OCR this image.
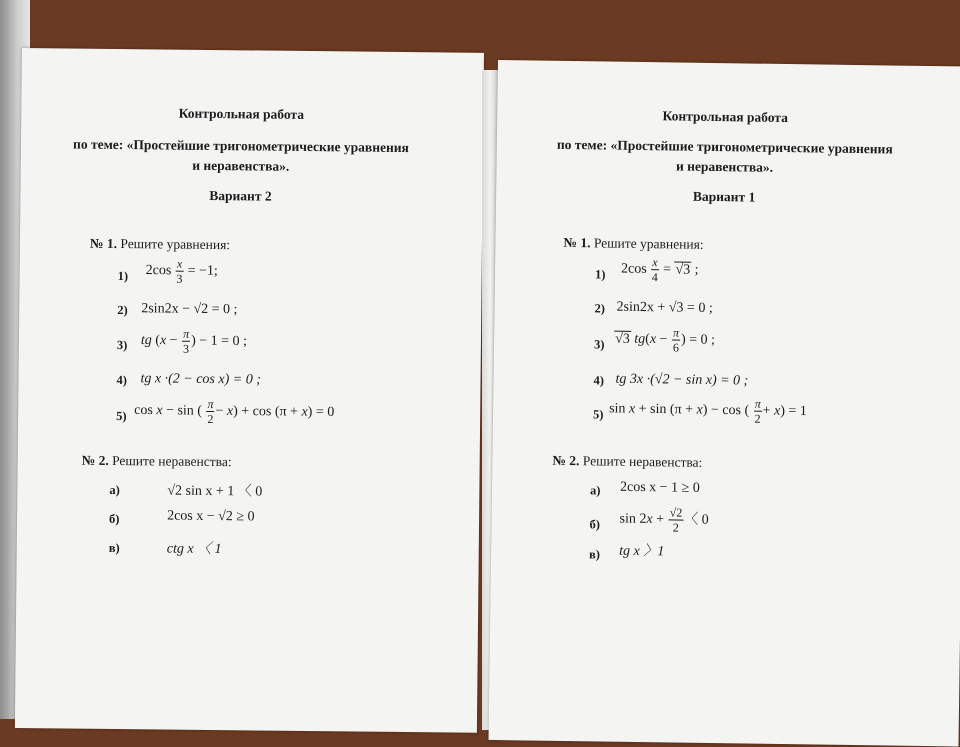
Контрольная работа
по теме: «Простейшие тригонометрические уравнения
и неравенства».
Вариант 2
№ 1. Решите уравнения:
1) $2\cos \frac{x}{3} = -1$;
2) 2sin2x − √2 = 0 ;
3) tg ($x - \frac{\pi}{3}$ ) − 1 = 0 ;
4) tg x ·(2 − cos x) = 0 ;
5) cos x − sin ( $\frac{\pi}{2} - x) + \cos (\pi + x) = 0$
№ 2. Решите неравенства:
а)	√2 sin x + 1 〈 0
б)	2cos x − √2 ≥ 0
в)	ctg x 〈 1
Контрольная работа
по теме: «Простейшие тригонометрические уравнения
и неравенства».
Вариант 1
№ 1. Решите уравнения:
1) $2\cos \frac{x}{4} = √3$ ;
2) 2sin2x + √3 = 0 ;
3) √3 $tg(x - \frac{\pi}{6}$ ) = 0 ;
4) tg 3x ·(√2 − sin x) = 0 ;
5) sin x + sin (π + x) − cos ( $\frac{\pi}{2} + x) = 1$
№ 2. Решите неравенства:
а) 2cos x − 1 ≥ 0
б) $\sin 2x + \frac{√2}{2}$ 〈 0
в) tg x 〉1
